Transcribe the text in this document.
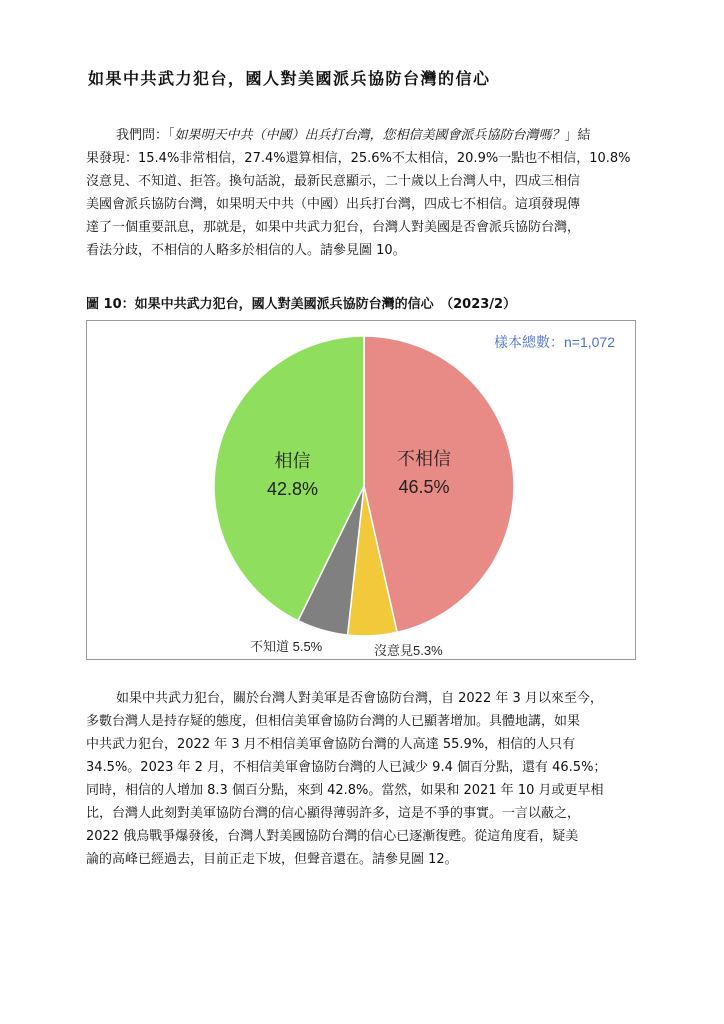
如果中共武力犯台，國人對美國派兵協防台灣的信心
我們問：「如果明天中共（中國）出兵打台灣，您相信美國會派兵協防台灣嗎？」結
果發現：15.4%非常相信，27.4%還算相信，25.6%不太相信，20.9%一點也不相信，10.8%
沒意見、不知道、拒答。換句話說，最新民意顯示，二十歲以上台灣人中，四成三相信
美國會派兵協防台灣，如果明天中共（中國）出兵打台灣，四成七不相信。這項發現傳
達了一個重要訊息，那就是，如果中共武力犯台，台灣人對美國是否會派兵協防台灣，
看法分歧，不相信的人略多於相信的人。請參見圖 10。
圖 10：如果中共武力犯台，國人對美國派兵協防台灣的信心　（2023/2）
樣本總數：n=1,072
不相信
46.5%
相信
42.8%
不知道 5.5%	沒意見5.3%
如果中共武力犯台，關於台灣人對美軍是否會協防台灣，自 2022 年 3 月以來至今，
多數台灣人是持存疑的態度，但相信美軍會協防台灣的人已顯著增加。具體地講，如果
中共武力犯台，2022 年 3 月不相信美軍會協防台灣的人高達 55.9%，相信的人只有
34.5%。2023 年 2 月，不相信美軍會協防台灣的人已減少 9.4 個百分點，還有 46.5%；
同時，相信的人增加 8.3 個百分點，來到 42.8%。當然，如果和 2021 年 10 月或更早相
比，台灣人此刻對美軍協防台灣的信心顯得薄弱許多，這是不爭的事實。一言以蔽之，
2022 俄烏戰爭爆發後，台灣人對美國協防台灣的信心已逐漸復甦。從這角度看，疑美
論的高峰已經過去，目前正走下坡，但聲音還在。請參見圖 12。
